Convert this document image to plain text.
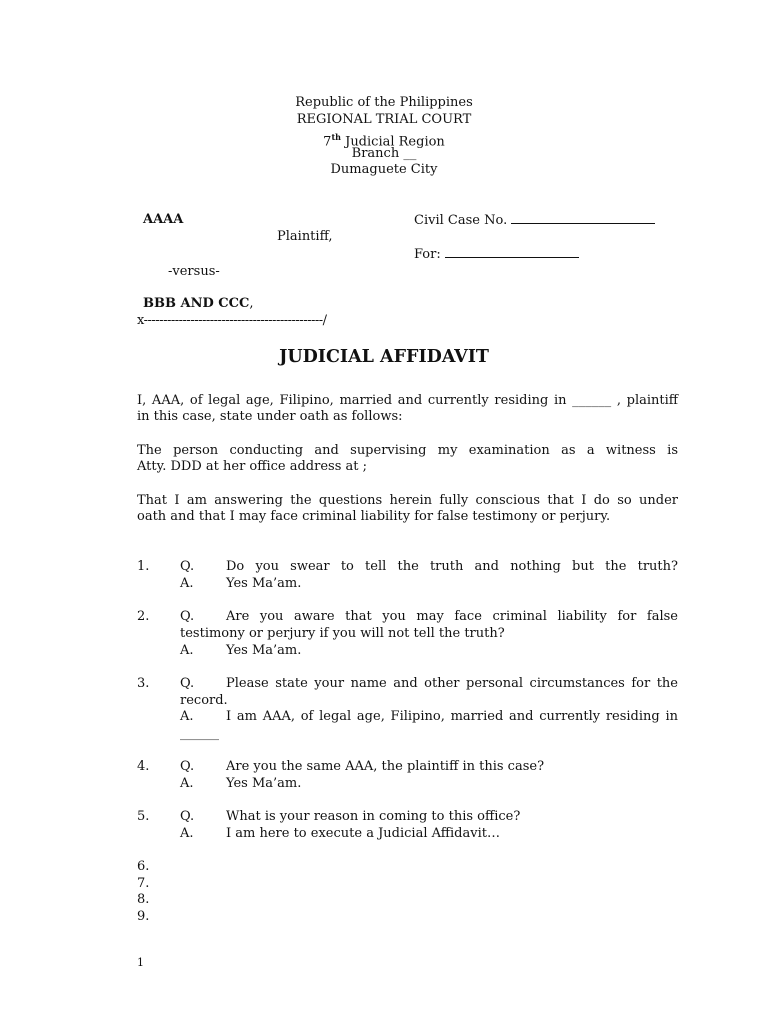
Republic of the Philippines
REGIONAL TRIAL COURT
7th Judicial Region
Branch __
Dumaguete City
AAAA
Plaintiff,
-versus-
BBB AND CCC,
x----------------------------------------------/
Civil Case No.
For:
JUDICIAL AFFIDAVIT
I, AAA, of legal age, Filipino, married and currently residing in ______ , plaintiff
in this case, state under oath as follows:
The person conducting and supervising my examination as a witness is
Atty. DDD at her office address at ;
That I am answering the questions herein fully conscious that I do so under
oath and that I may face criminal liability for false testimony or perjury.
1. Q. Do you swear to tell the truth and nothing but the truth?
A. Yes Ma’am.
2. Q. Are you aware that you may face criminal liability for false
testimony or perjury if you will not tell the truth?
A. Yes Ma’am.
3. Q. Please state your name and other personal circumstances for the
record.
A. I am AAA, of legal age, Filipino, married and currently residing in
______
4. Q. Are you the same AAA, the plaintiff in this case?
A. Yes Ma’am.
5. Q. What is your reason in coming to this office?
A. I am here to execute a Judicial Affidavit…
6.
7.
8.
9.
1
